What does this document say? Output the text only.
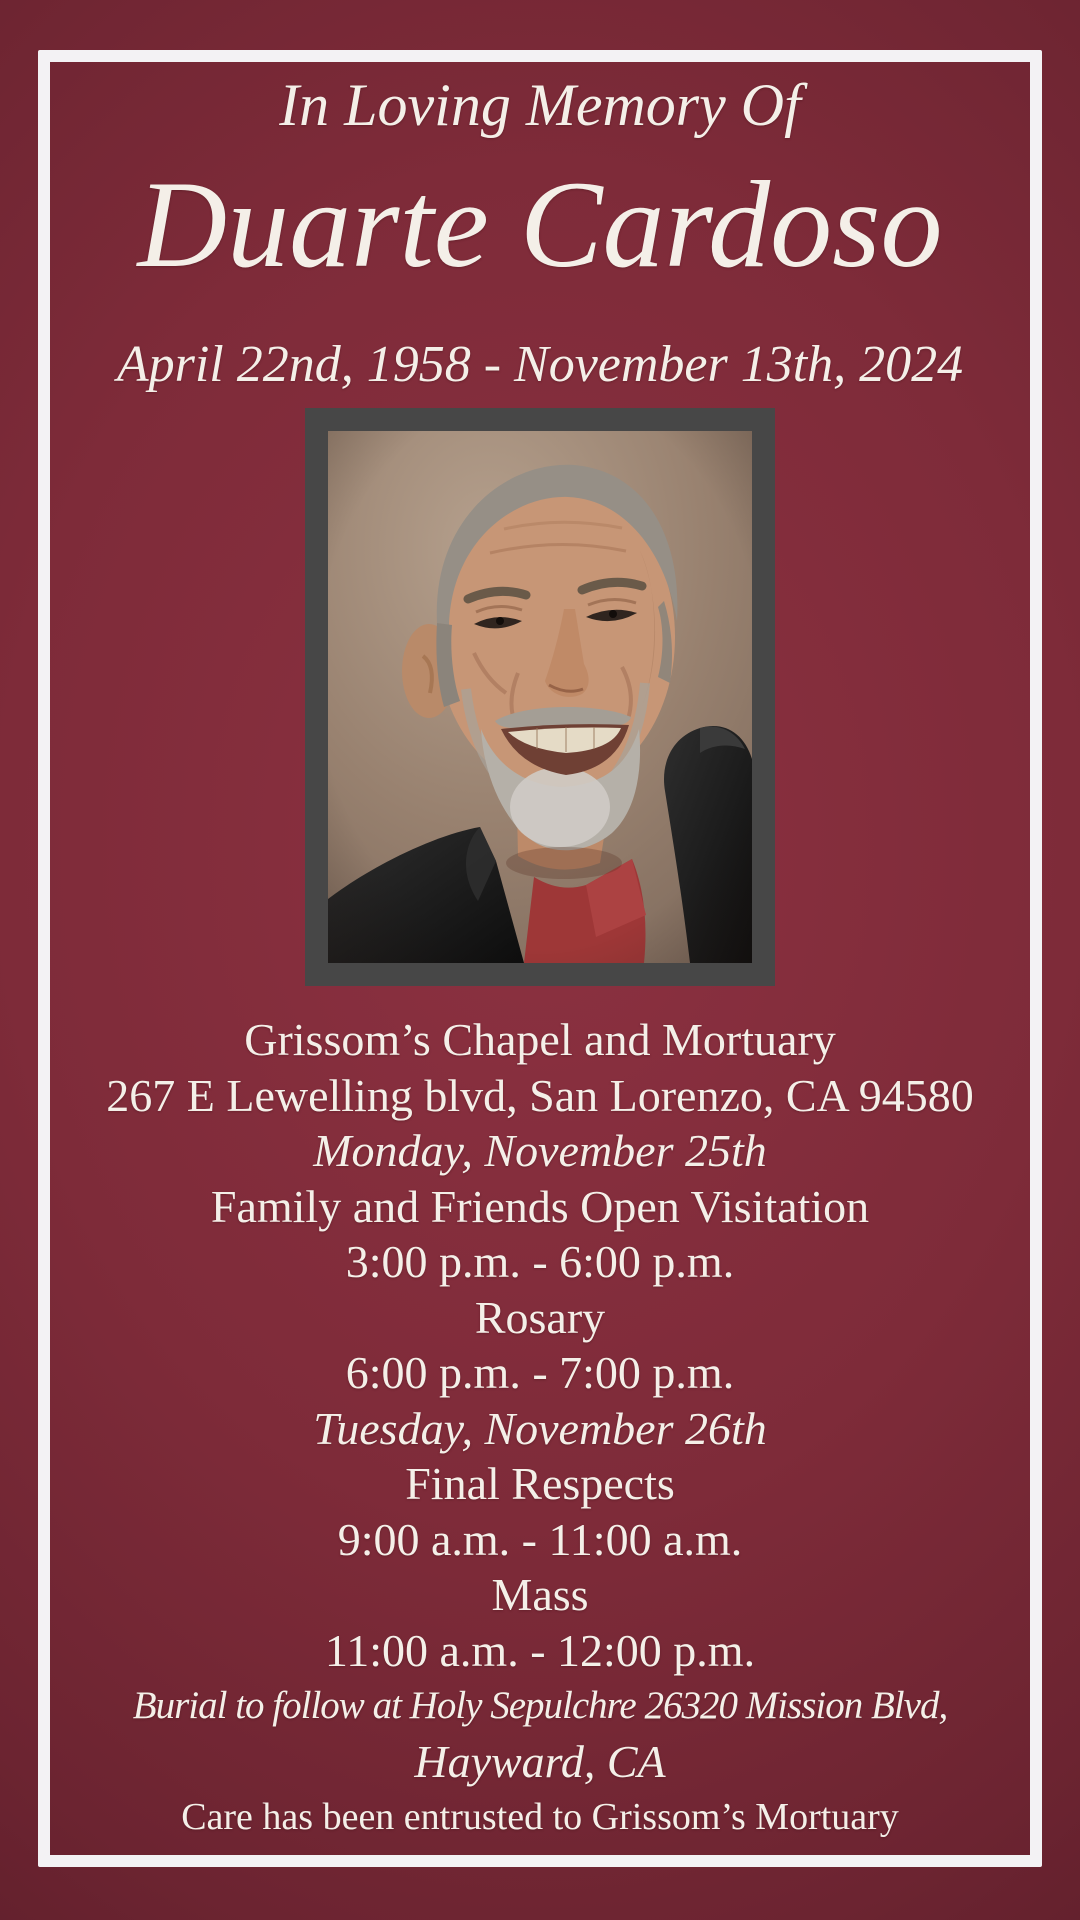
In Loving Memory Of
Duarte Cardoso
April 22nd, 1958 - November 13th, 2024
Grissom’s Chapel and Mortuary
267 E Lewelling blvd, San Lorenzo, CA 94580
Monday, November 25th
Family and Friends Open Visitation
3:00 p.m. - 6:00 p.m.
Rosary
6:00 p.m. - 7:00 p.m.
Tuesday, November 26th
Final Respects
9:00 a.m. - 11:00 a.m.
Mass
11:00 a.m. - 12:00 p.m.
Burial to follow at Holy Sepulchre 26320 Mission Blvd,
Hayward, CA
Care has been entrusted to Grissom’s Mortuary
